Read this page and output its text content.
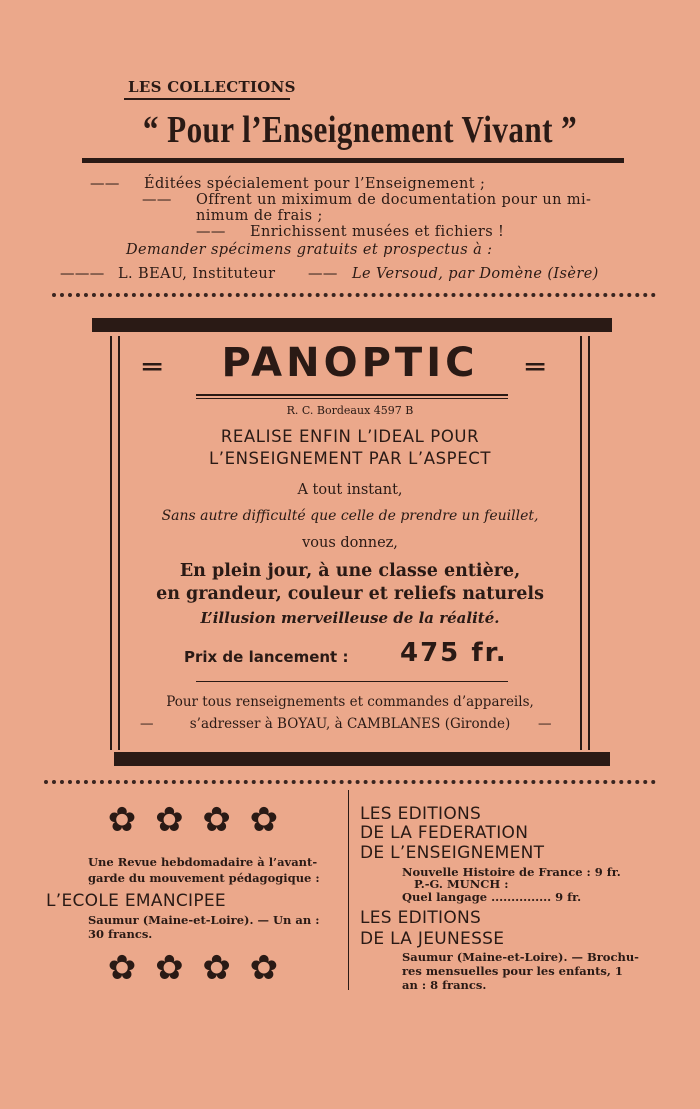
LES COLLECTIONS
“ Pour l’Enseignement Vivant ”
—— Éditées spécialement pour l’Enseignement ;
—— Offrent un miximum de documentation pour un mi-
nimum de frais ;
—— Enrichissent musées et fichiers !
Demander spécimens gratuits et prospectus à :
——— L. BEAU, Instituteur —— Le Versoud, par Domène (Isère)
═	PANOPTIC	═
R. C. Bordeaux 4597 B
REALISE ENFIN L’IDEAL POUR
L’ENSEIGNEMENT PAR L’ASPECT
A tout instant,
Sans autre difficulté que celle de prendre un feuillet,
vous donnez,
En plein jour, à une classe entière,
en grandeur, couleur et reliefs naturels
L’illusion merveilleuse de la réalité.
Prix de lancement : 475 fr.
Pour tous renseignements et commandes d’appareils,
—	s’adresser à BOYAU, à CAMBLANES (Gironde)	—
✿ ✿ ✿ ✿
Une Revue hebdomadaire à l’avant-
garde du mouvement pédagogique :
L’ECOLE EMANCIPEE
Saumur (Maine-et-Loire). — Un an :
30 francs.
✿ ✿ ✿ ✿
LES EDITIONS
DE LA FEDERATION
DE L’ENSEIGNEMENT
Nouvelle Histoire de France : 9 fr.
P.-G. MUNCH :
Quel langage ............... 9 fr.
LES EDITIONS
DE LA JEUNESSE
Saumur (Maine-et-Loire). — Brochu-
res mensuelles pour les enfants, 1
an : 8 francs.
